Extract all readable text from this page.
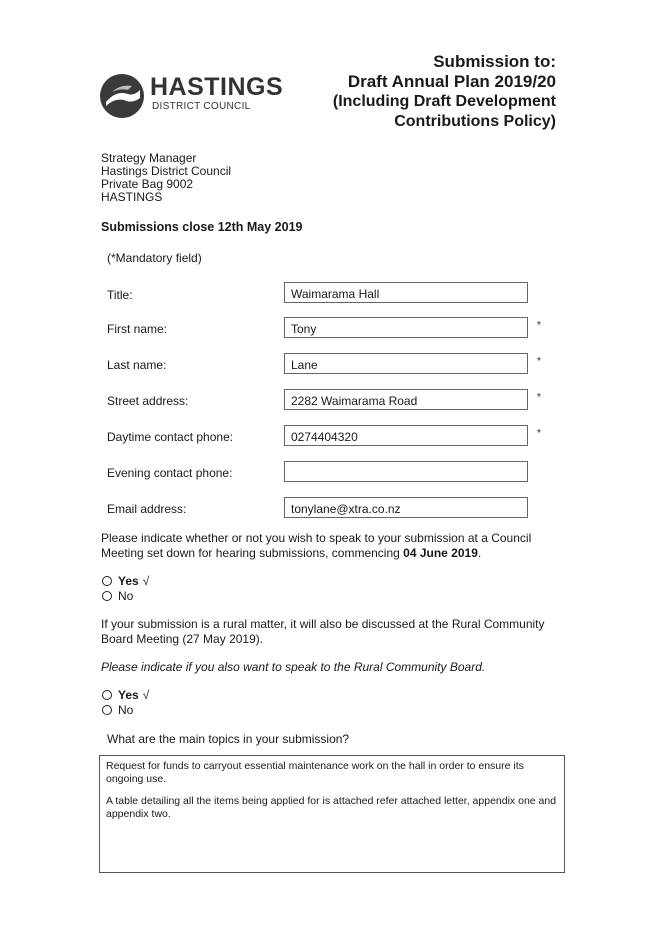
HASTINGS
DISTRICT COUNCIL
Submission to:
Draft Annual Plan 2019/20
(Including Draft Development
Contributions Policy)
Strategy Manager
Hastings District Council
Private Bag 9002
HASTINGS
Submissions close 12th May 2019
(*Mandatory field)
Title:	Waimarama Hall
First name:	Tony	*
Last name:	Lane	*
Street address:	2282 Waimarama Road	*
Daytime contact phone:	0274404320	*
Evening contact phone:
Email address:	tonylane@xtra.co.nz
Please indicate whether or not you wish to speak to your submission at a Council Meeting set down for hearing submissions, commencing 04 June 2019.
Yes √
No
If your submission is a rural matter, it will also be discussed at the Rural Community Board Meeting (27 May 2019).
Please indicate if you also want to speak to the Rural Community Board.
Yes √
No
What are the main topics in your submission?

Request for funds to carryout essential maintenance work on the hall in order to ensure its ongoing use.

A table detailing all the items being applied for is attached refer attached letter, appendix one and appendix two.
